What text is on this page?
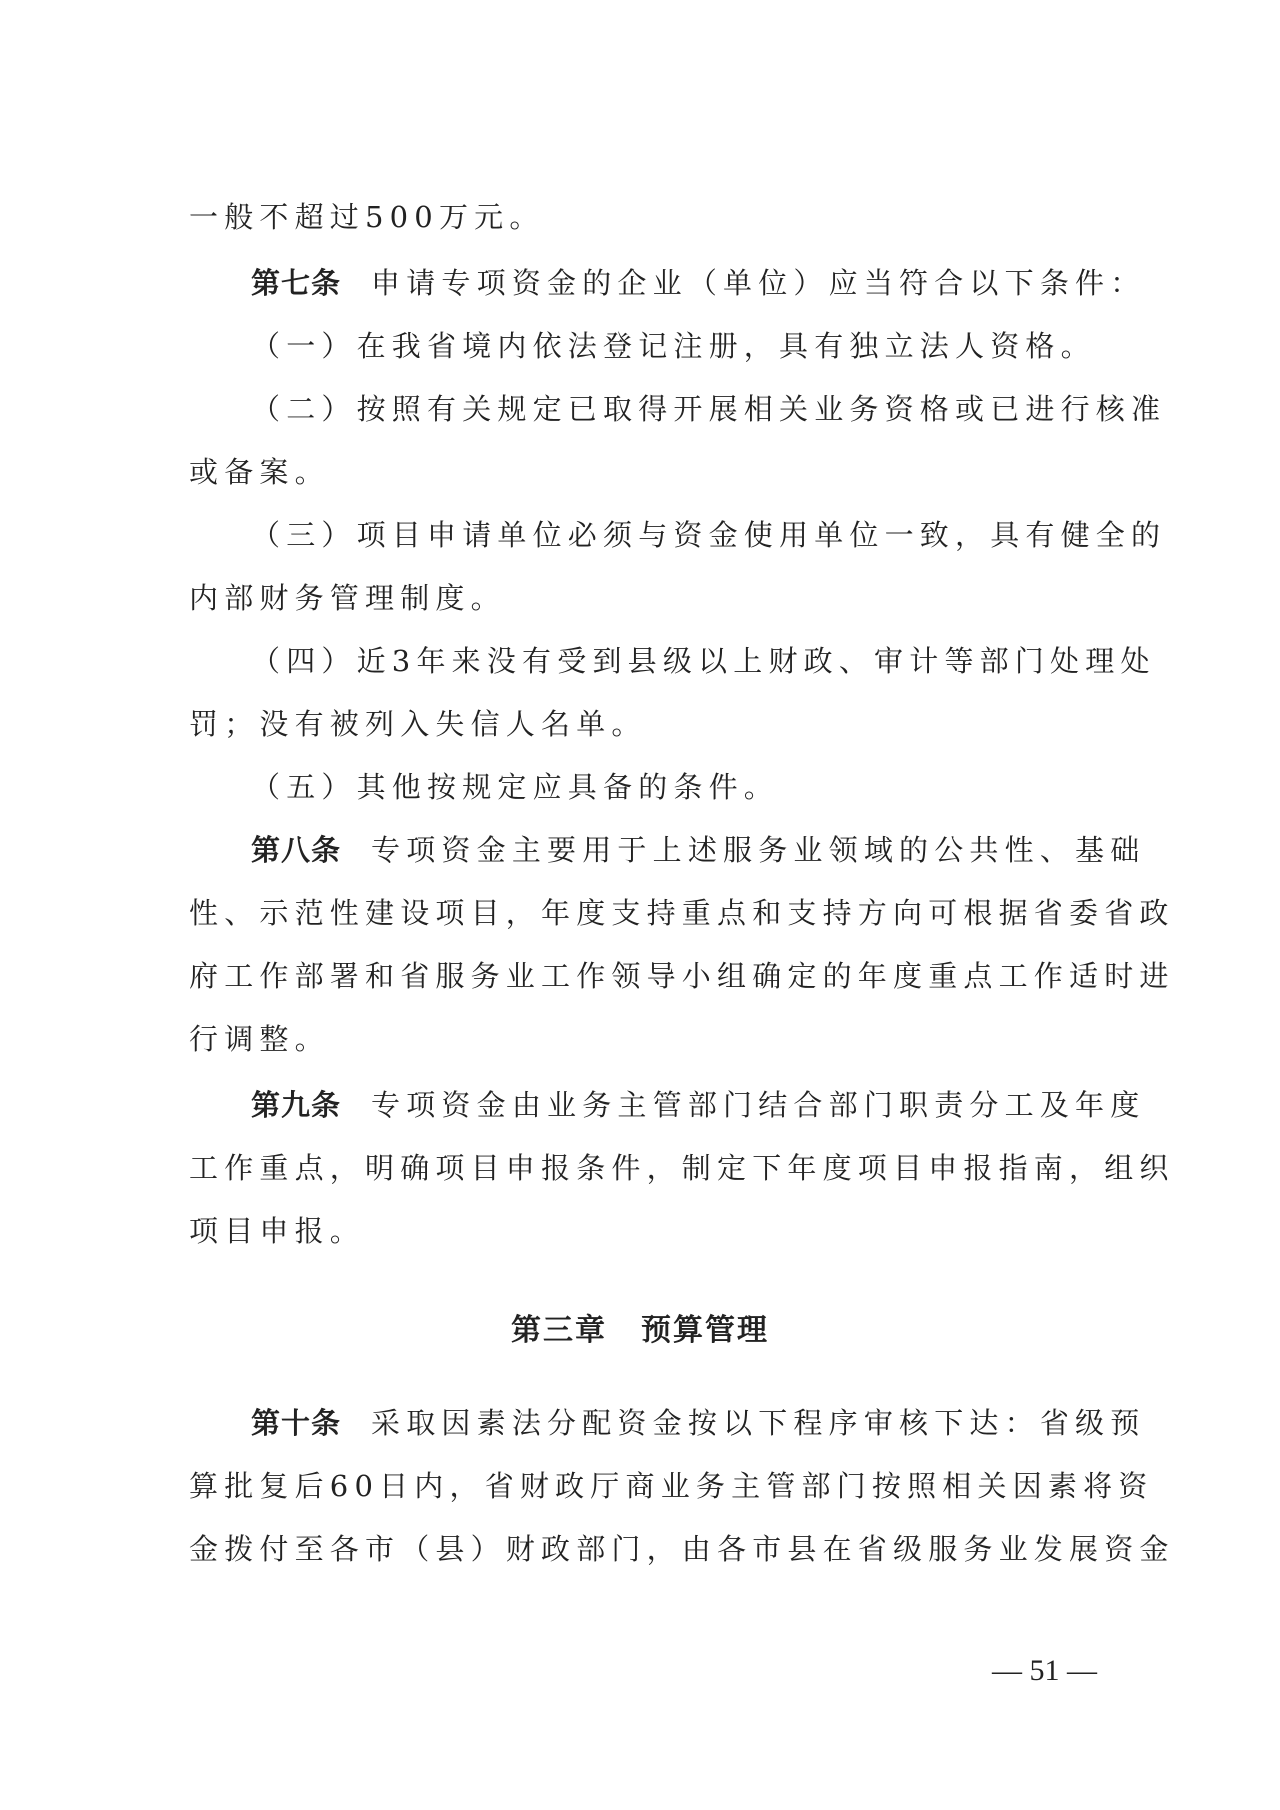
一般不超过500万元。
第七条 申请专项资金的企业（单位）应当符合以下条件：
（一）在我省境内依法登记注册，具有独立法人资格。
（二）按照有关规定已取得开展相关业务资格或已进行核准
或备案。
（三）项目申请单位必须与资金使用单位一致，具有健全的
内部财务管理制度。
（四）近3年来没有受到县级以上财政、审计等部门处理处
罚；没有被列入失信人名单。
（五）其他按规定应具备的条件。
第八条 专项资金主要用于上述服务业领域的公共性、基础
性、示范性建设项目，年度支持重点和支持方向可根据省委省政
府工作部署和省服务业工作领导小组确定的年度重点工作适时进
行调整。
第九条 专项资金由业务主管部门结合部门职责分工及年度
工作重点，明确项目申报条件，制定下年度项目申报指南，组织
项目申报。
第三章 预算管理
第十条 采取因素法分配资金按以下程序审核下达：省级预
算批复后60日内，省财政厅商业务主管部门按照相关因素将资
金拨付至各市（县）财政部门，由各市县在省级服务业发展资金
— 51 —
